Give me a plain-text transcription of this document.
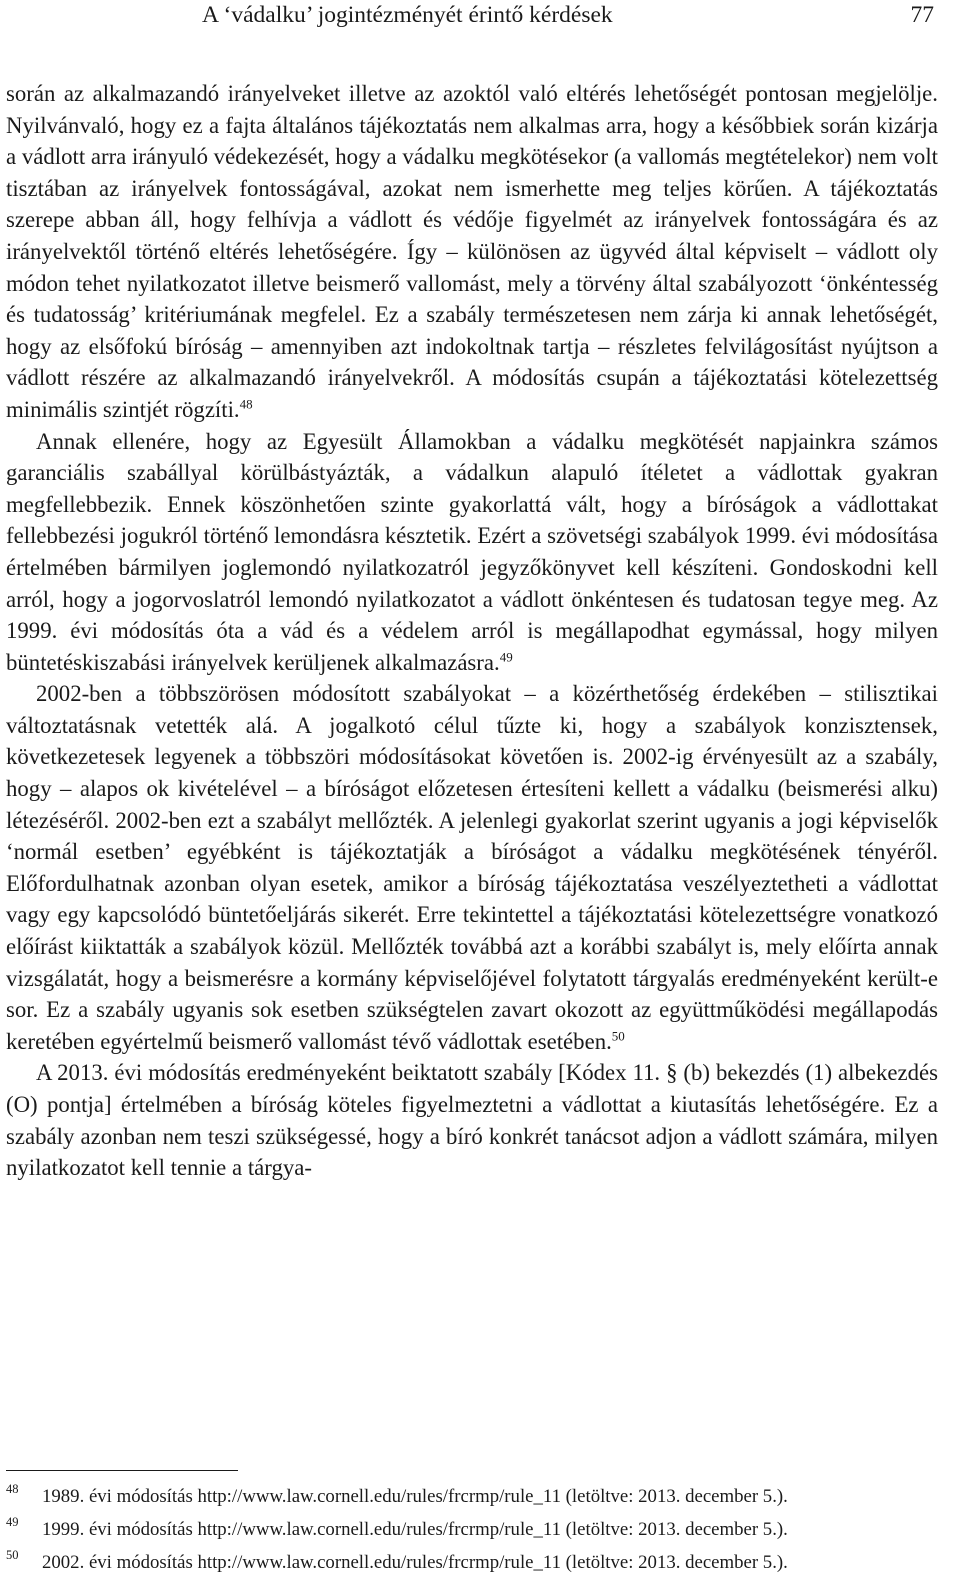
A ‘vádalku’ jogintézményét érintő kérdések	77

során az alkalmazandó irányelveket illetve az azoktól való eltérés lehetőségét pontosan megjelölje. Nyilvánvaló, hogy ez a fajta általános tájékoztatás nem alkalmas arra, hogy a későbbiek során kizárja a vádlott arra irányuló védekezését, hogy a vádalku megkötésekor (a vallomás megtételekor) nem volt tisztában az irányelvek fontosságával, azokat nem ismerhette meg teljes körűen. A tájékoztatás szerepe abban áll, hogy felhívja a vádlott és védője figyelmét az irányelvek fontosságára és az irányelvektől történő eltérés lehetőségére. Így – különösen az ügyvéd által képviselt – vádlott oly módon tehet nyilatkozatot illetve beismerő vallomást, mely a törvény által szabályozott ‘önkéntesség és tudatosság’ kritériumának megfelel. Ez a szabály természetesen nem zárja ki annak lehetőségét, hogy az elsőfokú bíróság – amennyiben azt indokoltnak tartja – részletes felvilágosítást nyújtson a vádlott részére az alkalmazandó irányelvekről. A módosítás csupán a tájékoztatási kötelezettség minimális szintjét rögzíti.$^{48}$

Annak ellenére, hogy az Egyesült Államokban a vádalku megkötését napjainkra számos garanciális szabállyal körülbástyázták, a vádalkun alapuló ítéletet a vádlottak gyakran megfellebbezik. Ennek köszönhetően szinte gyakorlattá vált, hogy a bíróságok a vádlottakat fellebbezési jogukról történő lemondásra késztetik. Ezért a szövetségi szabályok 1999. évi módosítása értelmében bármilyen joglemondó nyilatkozatról jegyzőkönyvet kell készíteni. Gondoskodni kell arról, hogy a jogorvoslatról lemondó nyilatkozatot a vádlott önkéntesen és tudatosan tegye meg. Az 1999. évi módosítás óta a vád és a védelem arról is megállapodhat egymással, hogy milyen büntetéskiszabási irányelvek kerüljenek alkalmazásra.$^{49}$

2002-ben a többszörösen módosított szabályokat – a közérthetőség érdekében – stilisztikai változtatásnak vetették alá. A jogalkotó célul tűzte ki, hogy a szabályok konzisztensek, következetesek legyenek a többszöri módosításokat követően is. 2002-ig érvényesült az a szabály, hogy – alapos ok kivételével – a bíróságot előzetesen értesíteni kellett a vádalku (beismerési alku) létezéséről. 2002-ben ezt a szabályt mellőzték. A jelenlegi gyakorlat szerint ugyanis a jogi képviselők ‘normál esetben’ egyébként is tájékoztatják a bíróságot a vádalku megkötésének tényéről. Előfordulhatnak azonban olyan esetek, amikor a bíróság tájékoztatása veszélyeztetheti a vádlottat vagy egy kapcsolódó büntetőeljárás sikerét. Erre tekintettel a tájékoztatási kötelezettségre vonatkozó előírást kiiktatták a szabályok közül. Mellőzték továbbá azt a korábbi szabályt is, mely előírta annak vizsgálatát, hogy a beismerésre a kormány képviselőjével folytatott tárgyalás eredményeként került-e sor. Ez a szabály ugyanis sok esetben szükségtelen zavart okozott az együttműködési megállapodás keretében egyértelmű beismerő vallomást tévő vádlottak esetében.$^{50}$

A 2013. évi módosítás eredményeként beiktatott szabály [Kódex 11. § (b) bekezdés (1) albekezdés (O) pontja] értelmében a bíróság köteles figyelmeztetni a vádlottat a kiutasítás lehetőségére. Ez a szabály azonban nem teszi szükségessé, hogy a bíró konkrét tanácsot adjon a vádlott számára, milyen nyilatkozatot kell tennie a tárgya-

48 1989. évi módosítás http://www.law.cornell.edu/rules/frcrmp/rule_11 (letöltve: 2013. december 5.).
49 1999. évi módosítás http://www.law.cornell.edu/rules/frcrmp/rule_11 (letöltve: 2013. december 5.).
50 2002. évi módosítás http://www.law.cornell.edu/rules/frcrmp/rule_11 (letöltve: 2013. december 5.).
